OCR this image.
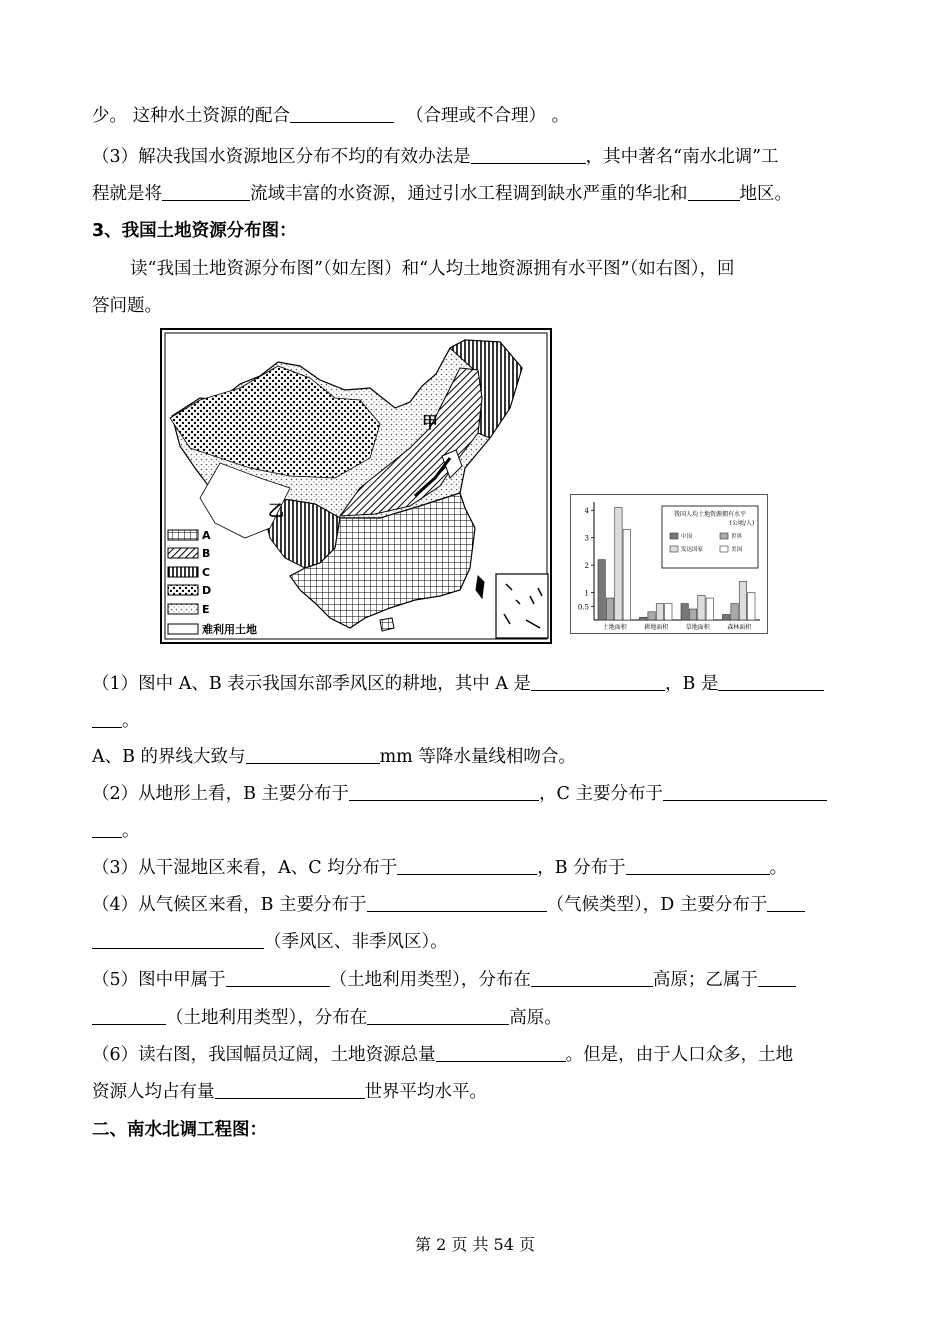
少。 这种水土资源的配合	（合理或不合理） 。
（3）解决我国水资源地区分布不均的有效办法是	，其中著名“南水北调”工
程就是将	流域丰富的水资源，通过引水工程调到缺水严重的华北和	地区。
3、我国土地资源分布图：
读“我国土地资源分布图”（如左图）和“人均土地资源拥有水平图”（如右图），回
答问题。
甲
乙
A
B
C
D
E
难利用土地
4
3
2
1
0.5
土地面积	耕地面积	草地面积	森林面积
我国人均土地资源拥有水平
(公顷/人)
中国	世界
发达国家	美国
（1）图中 A、B 表示我国东部季风区的耕地，其中 A 是	，B 是
。
A、B 的界线大致与	mm 等降水量线相吻合。
（2）从地形上看，B 主要分布于	，C 主要分布于
。
（3）从干湿地区来看，A、C 均分布于	，B 分布于	。
（4）从气候区来看，B 主要分布于	（气候类型），D 主要分布于
（季风区、非季风区）。
（5）图中甲属于	（土地利用类型），分布在	高原；乙属于
（土地利用类型），分布在	高原。
（6）读右图，我国幅员辽阔，土地资源总量	。但是，由于人口众多，土地
资源人均占有量	世界平均水平。
二、南水北调工程图：
第 2 页 共 54 页
